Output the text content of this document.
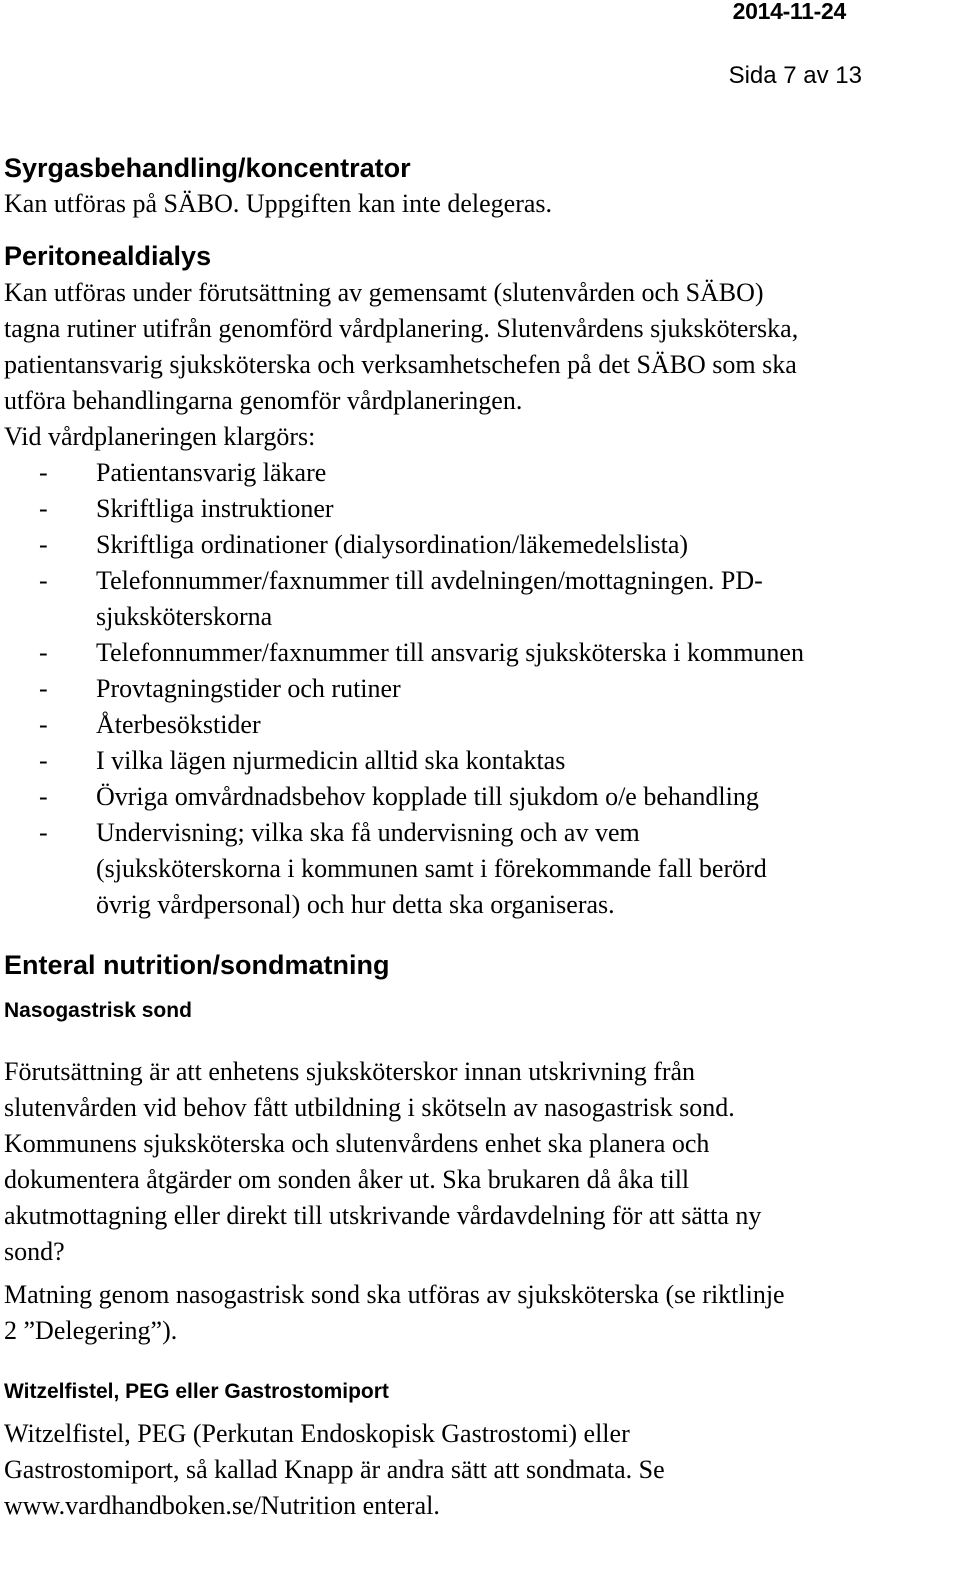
2014-11-24
Sida 7 av 13
Syrgasbehandling/koncentrator
Kan utföras på SÄBO. Uppgiften kan inte delegeras.
Peritonealdialys
Kan utföras under förutsättning av gemensamt (slutenvården och SÄBO)
tagna rutiner utifrån genomförd vårdplanering. Slutenvårdens sjuksköterska,
patientansvarig sjuksköterska och verksamhetschefen på det SÄBO som ska
utföra behandlingarna genomför vårdplaneringen.
Vid vårdplaneringen klargörs:
- Patientansvarig läkare
- Skriftliga instruktioner
- Skriftliga ordinationer (dialysordination/läkemedelslista)
- Telefonnummer/faxnummer till avdelningen/mottagningen. PD-
sjuksköterskorna
- Telefonnummer/faxnummer till ansvarig sjuksköterska i kommunen
- Provtagningstider och rutiner
- Återbesökstider
- I vilka lägen njurmedicin alltid ska kontaktas
- Övriga omvårdnadsbehov kopplade till sjukdom o/e behandling
- Undervisning; vilka ska få undervisning och av vem
(sjuksköterskorna i kommunen samt i förekommande fall berörd
övrig vårdpersonal) och hur detta ska organiseras.
Enteral nutrition/sondmatning
Nasogastrisk sond
Förutsättning är att enhetens sjuksköterskor innan utskrivning från
slutenvården vid behov fått utbildning i skötseln av nasogastrisk sond.
Kommunens sjuksköterska och slutenvårdens enhet ska planera och
dokumentera åtgärder om sonden åker ut. Ska brukaren då åka till
akutmottagning eller direkt till utskrivande vårdavdelning för att sätta ny
sond?
Matning genom nasogastrisk sond ska utföras av sjuksköterska (se riktlinje
2 ”Delegering”).
Witzelfistel, PEG eller Gastrostomiport
Witzelfistel, PEG (Perkutan Endoskopisk Gastrostomi) eller
Gastrostomiport, så kallad Knapp är andra sätt att sondmata. Se
www.vardhandboken.se/Nutrition enteral.
